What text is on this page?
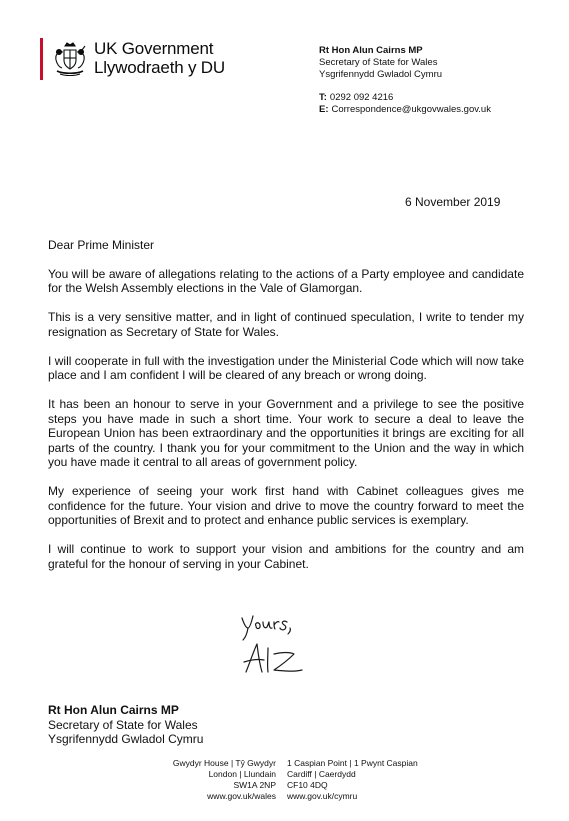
UK Government
Llywodraeth y DU
Rt Hon Alun Cairns MP
Secretary of State for Wales
Ysgrifennydd Gwladol Cymru
T: 0292 092 4216
E: Correspondence@ukgovwales.gov.uk
6 November 2019

Dear Prime Minister

You will be aware of allegations relating to the actions of a Party employee and candidate for the Welsh Assembly elections in the Vale of Glamorgan.

This is a very sensitive matter, and in light of continued speculation, I write to tender my resignation as Secretary of State for Wales.

I will cooperate in full with the investigation under the Ministerial Code which will now take place and I am confident I will be cleared of any breach or wrong doing.

It has been an honour to serve in your Government and a privilege to see the positive steps you have made in such a short time. Your work to secure a deal to leave the European Union has been extraordinary and the opportunities it brings are exciting for all parts of the country. I thank you for your commitment to the Union and the way in which you have made it central to all areas of government policy.

My experience of seeing your work first hand with Cabinet colleagues gives me confidence for the future. Your vision and drive to move the country forward to meet the opportunities of Brexit and to protect and enhance public services is exemplary.

I will continue to work to support your vision and ambitions for the country and am grateful for the honour of serving in your Cabinet.

Rt Hon Alun Cairns MP
Secretary of State for Wales
Ysgrifennydd Gwladol Cymru
Gwydyr House | Tŷ Gwydyr
London | Llundain
SW1A 2NP
www.gov.uk/wales
1 Caspian Point | 1 Pwynt Caspian
Cardiff | Caerdydd
CF10 4DQ
www.gov.uk/cymru
